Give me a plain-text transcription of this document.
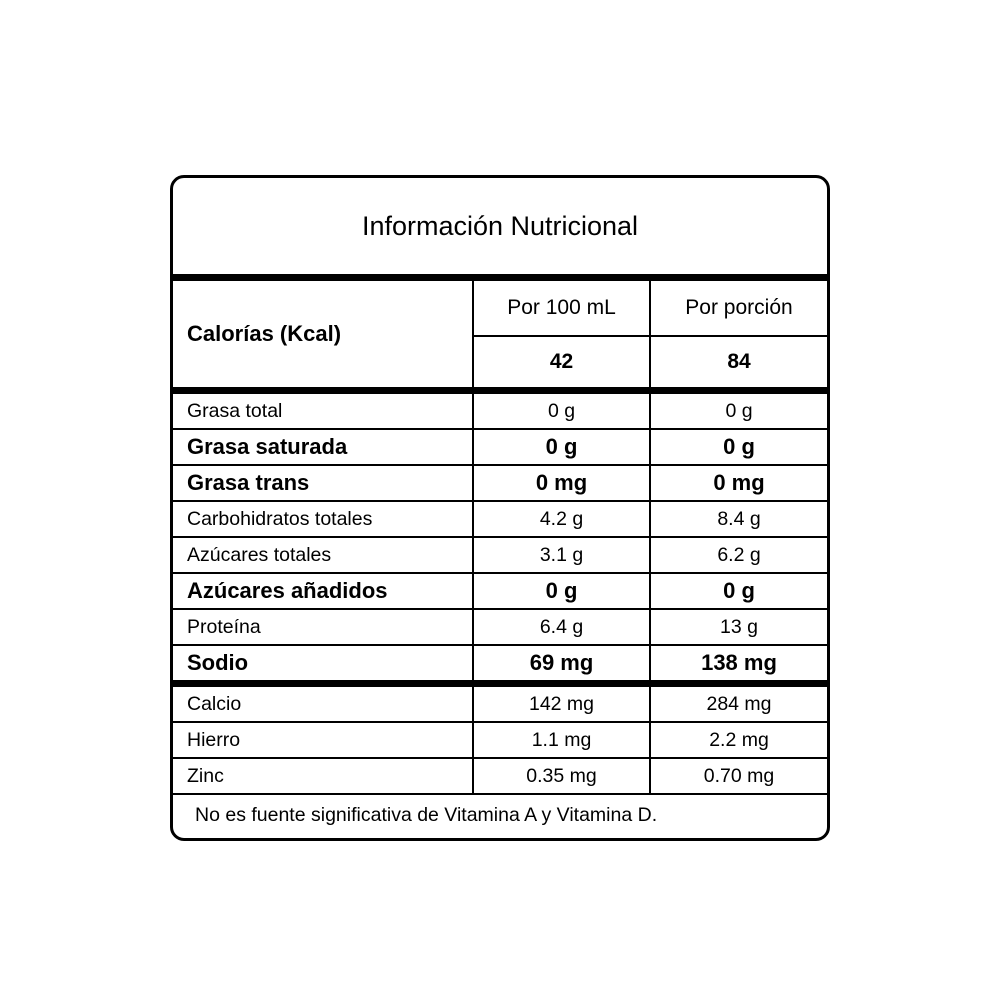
Información Nutricional
Calorías (Kcal)	Por 100 mL	Por porción

42	84
Grasa total	0 g	0 g

Grasa saturada	0 g	0 g

Grasa trans	0 mg	0 mg

Carbohidratos totales	4.2 g	8.4 g

Azúcares totales	3.1 g	6.2 g

Azúcares añadidos	0 g	0 g

Proteína	6.4 g	13 g

Sodio	69 mg	138 mg
Calcio	142 mg	284 mg

Hierro	1.1 mg	2.2 mg

Zinc	0.35 mg	0.70 mg
No es fuente significativa de Vitamina A y Vitamina D.
